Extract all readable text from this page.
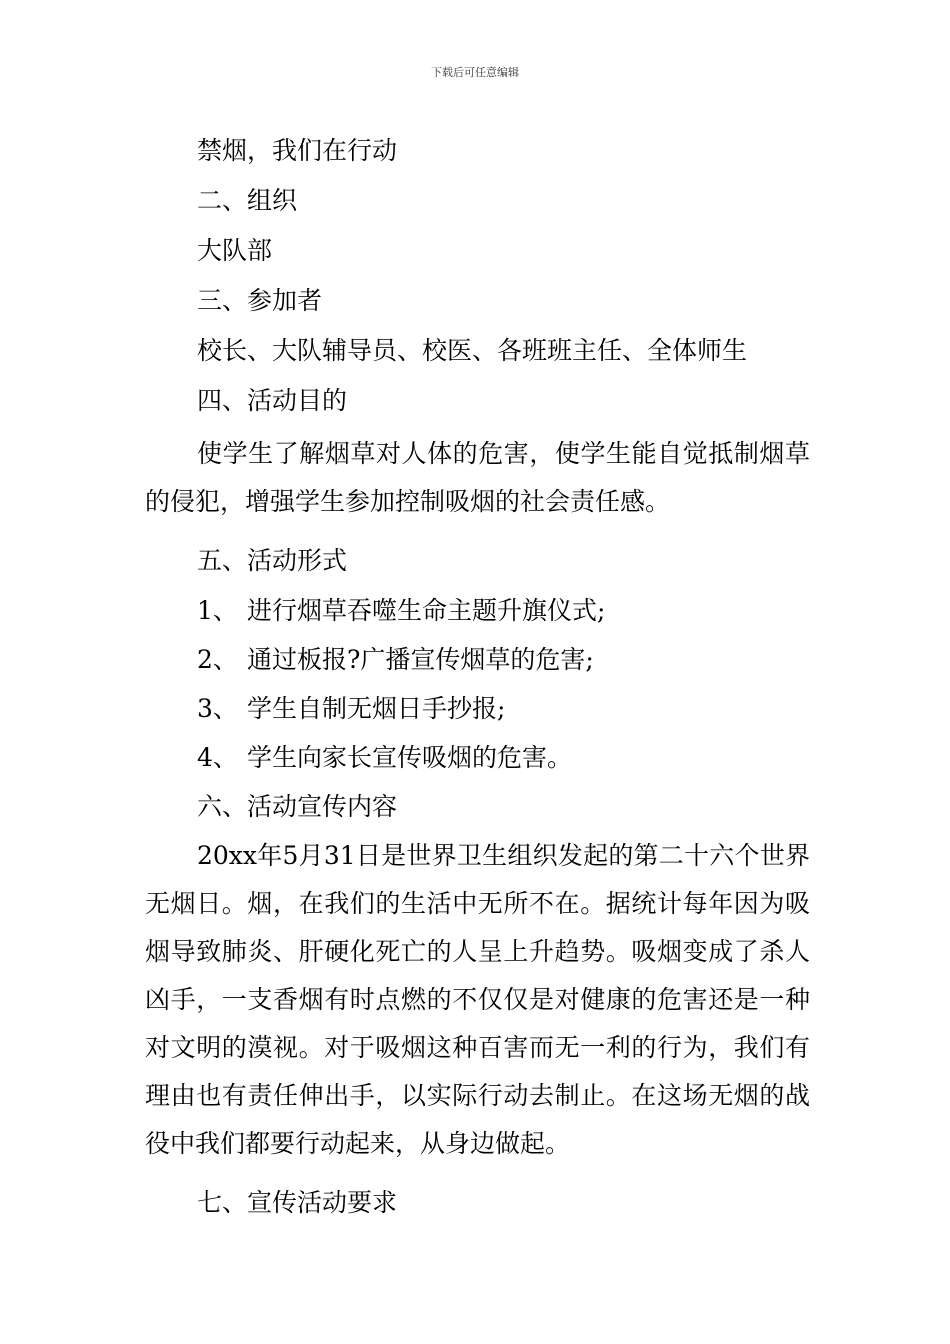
下载后可任意编辑
禁烟，我们在行动
二、组织
大队部
三、参加者
校长、大队辅导员、校医、各班班主任、全体师生
四、活动目的

使学生了解烟草对人体的危害，使学生能自觉抵制烟草的侵犯，增强学生参加控制吸烟的社会责任感。

五、活动形式
1、 进行烟草吞噬生命主题升旗仪式;
2、 通过板报?广播宣传烟草的危害;
3、 学生自制无烟日手抄报;
4、 学生向家长宣传吸烟的危害。
六、活动宣传内容

20xx年5月31日是世界卫生组织发起的第二十六个世界无烟日。烟，在我们的生活中无所不在。据统计每年因为吸烟导致肺炎、肝硬化死亡的人呈上升趋势。吸烟变成了杀人凶手，一支香烟有时点燃的不仅仅是对健康的危害还是一种对文明的漠视。对于吸烟这种百害而无一利的行为，我们有理由也有责任伸出手，以实际行动去制止。在这场无烟的战役中我们都要行动起来，从身边做起。

七、宣传活动要求
